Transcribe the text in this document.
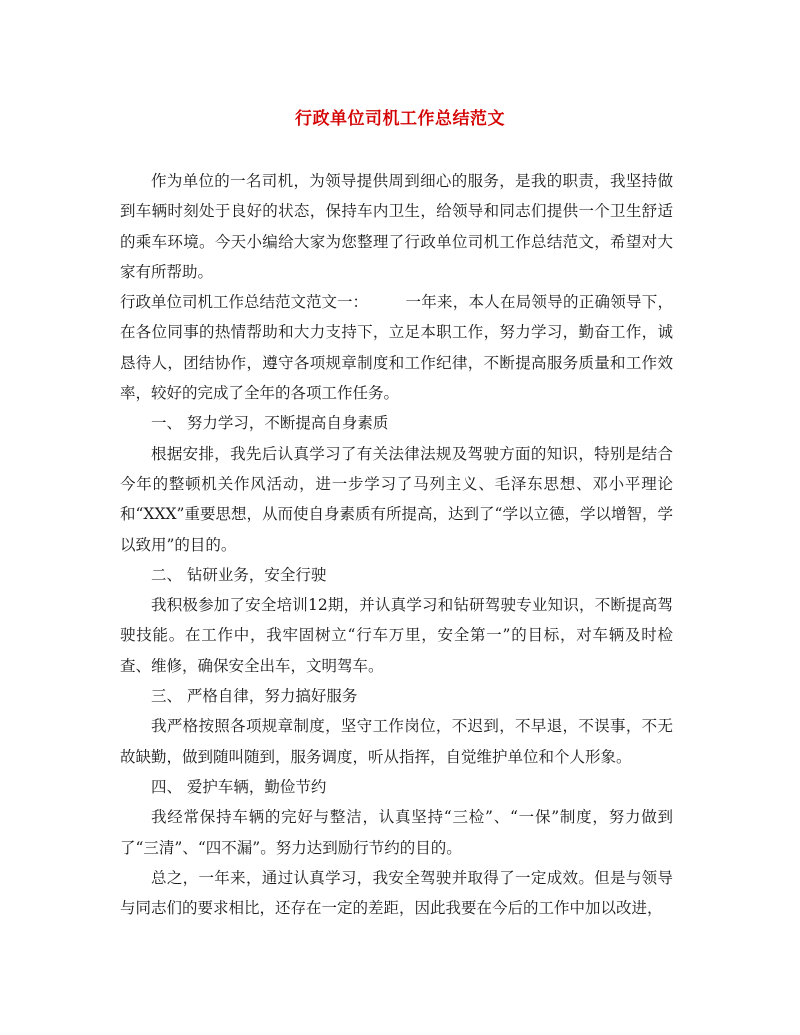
行政单位司机工作总结范文

作为单位的一名司机，为领导提供周到细心的服务，是我的职责，我坚持做到车辆时刻处于良好的状态，保持车内卫生，给领导和同志们提供一个卫生舒适的乘车环境。今天小编给大家为您整理了行政单位司机工作总结范文，希望对大家有所帮助。

行政单位司机工作总结范文范文一： 一年来，本人在局领导的正确领导下，在各位同事的热情帮助和大力支持下，立足本职工作，努力学习，勤奋工作，诚恳待人，团结协作，遵守各项规章制度和工作纪律，不断提高服务质量和工作效率，较好的完成了全年的各项工作任务。

一、 努力学习，不断提高自身素质

根据安排，我先后认真学习了有关法律法规及驾驶方面的知识，特别是结合今年的整顿机关作风活动，进一步学习了马列主义、毛泽东思想、邓小平理论和“XXX”重要思想，从而使自身素质有所提高，达到了“学以立德，学以增智，学以致用”的目的。

二、 钻研业务，安全行驶

我积极参加了安全培训12期，并认真学习和钻研驾驶专业知识，不断提高驾驶技能。在工作中，我牢固树立“行车万里，安全第一”的目标，对车辆及时检查、维修，确保安全出车，文明驾车。

三、 严格自律，努力搞好服务

我严格按照各项规章制度，坚守工作岗位，不迟到，不早退，不误事，不无故缺勤，做到随叫随到，服务调度，听从指挥，自觉维护单位和个人形象。

四、 爱护车辆，勤俭节约

我经常保持车辆的完好与整洁，认真坚持“三检”、“一保”制度，努力做到了“三清”、“四不漏”。努力达到励行节约的目的。

总之，一年来，通过认真学习，我安全驾驶并取得了一定成效。但是与领导与同志们的要求相比，还存在一定的差距，因此我要在今后的工作中加以改进，
